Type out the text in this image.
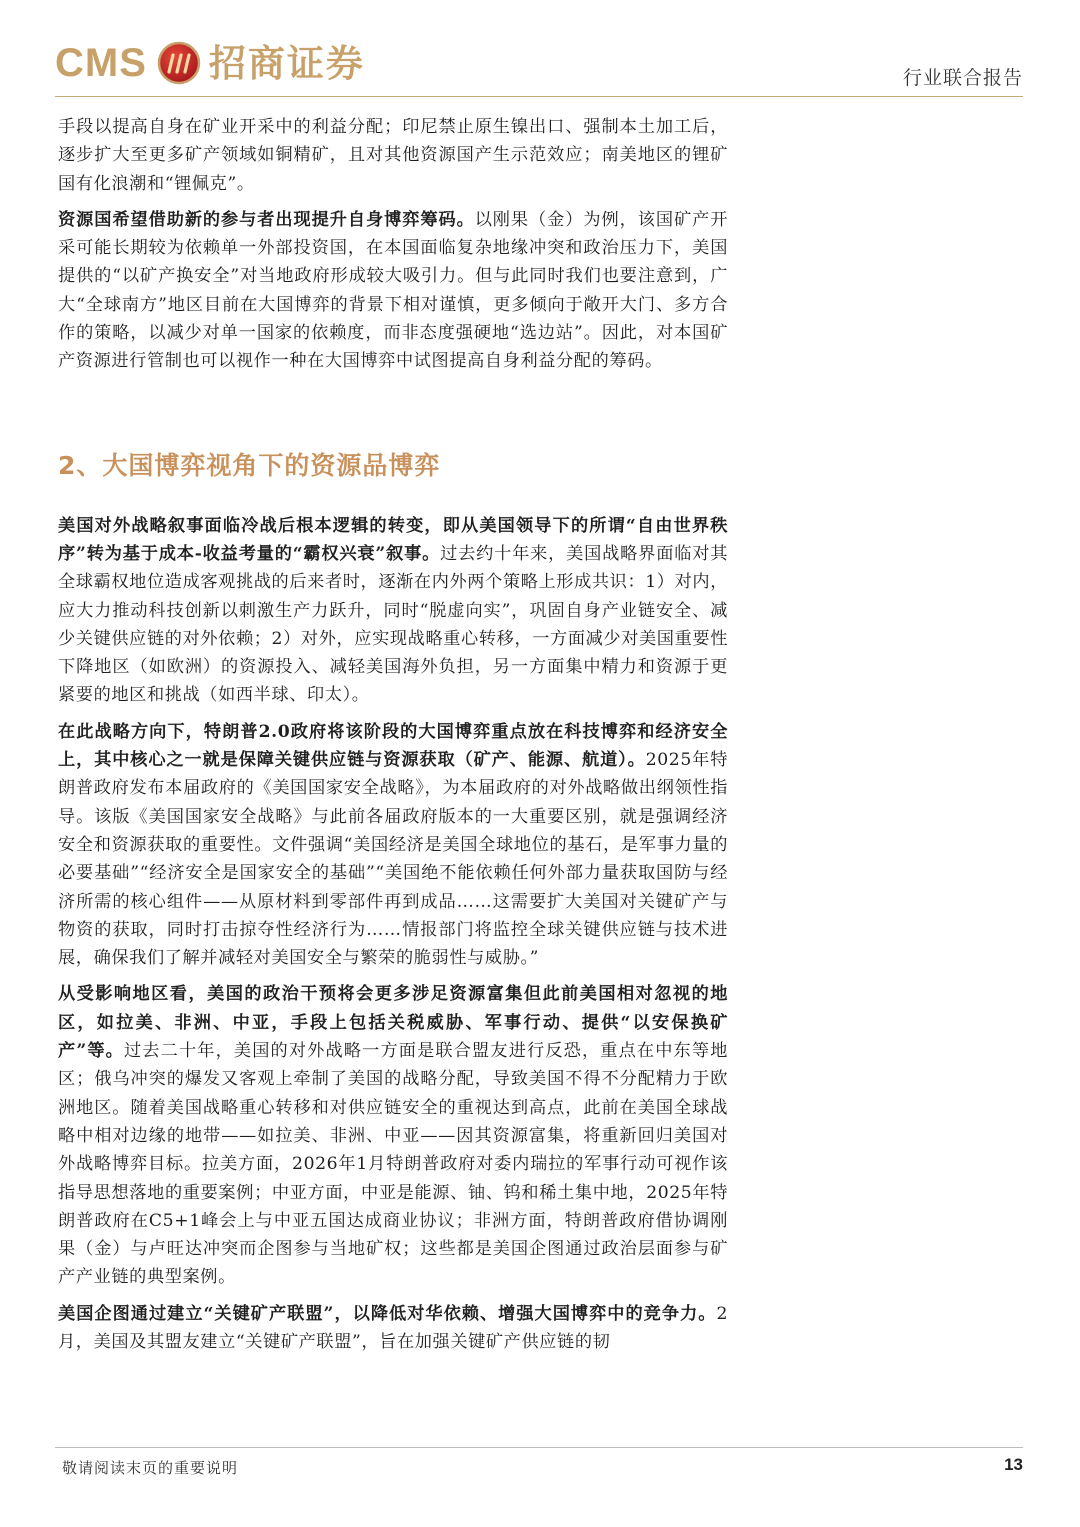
CMS 招商证券	行业联合报告

手段以提高自身在矿业开采中的利益分配；印尼禁止原生镍出口、强制本土加工后，逐步扩大至更多矿产领域如铜精矿，且对其他资源国产生示范效应；南美地区的锂矿国有化浪潮和“锂佩克”。

资源国希望借助新的参与者出现提升自身博弈筹码。以刚果（金）为例，该国矿产开采可能长期较为依赖单一外部投资国，在本国面临复杂地缘冲突和政治压力下，美国提供的“以矿产换安全”对当地政府形成较大吸引力。但与此同时我们也要注意到，广大“全球南方”地区目前在大国博弈的背景下相对谨慎，更多倾向于敞开大门、多方合作的策略，以减少对单一国家的依赖度，而非态度强硬地“选边站”。因此，对本国矿产资源进行管制也可以视作一种在大国博弈中试图提高自身利益分配的筹码。

2、大国博弈视角下的资源品博弈

美国对外战略叙事面临冷战后根本逻辑的转变，即从美国领导下的所谓“自由世界秩序”转为基于成本-收益考量的“霸权兴衰”叙事。过去约十年来，美国战略界面临对其全球霸权地位造成客观挑战的后来者时，逐渐在内外两个策略上形成共识：1）对内，应大力推动科技创新以刺激生产力跃升，同时“脱虚向实”，巩固自身产业链安全、减少关键供应链的对外依赖；2）对外，应实现战略重心转移，一方面减少对美国重要性下降地区（如欧洲）的资源投入、减轻美国海外负担，另一方面集中精力和资源于更紧要的地区和挑战（如西半球、印太）。

在此战略方向下，特朗普2.0政府将该阶段的大国博弈重点放在科技博弈和经济安全上，其中核心之一就是保障关键供应链与资源获取（矿产、能源、航道）。2025年特朗普政府发布本届政府的《美国国家安全战略》，为本届政府的对外战略做出纲领性指导。该版《美国国家安全战略》与此前各届政府版本的一大重要区别，就是强调经济安全和资源获取的重要性。文件强调“美国经济是美国全球地位的基石，是军事力量的必要基础”“经济安全是国家安全的基础”“美国绝不能依赖任何外部力量获取国防与经济所需的核心组件——从原材料到零部件再到成品……这需要扩大美国对关键矿产与物资的获取，同时打击掠夺性经济行为……情报部门将监控全球关键供应链与技术进展，确保我们了解并减轻对美国安全与繁荣的脆弱性与威胁。”

从受影响地区看，美国的政治干预将会更多涉足资源富集但此前美国相对忽视的地区，如拉美、非洲、中亚，手段上包括关税威胁、军事行动、提供“以安保换矿产”等。过去二十年，美国的对外战略一方面是联合盟友进行反恐，重点在中东等地区；俄乌冲突的爆发又客观上牵制了美国的战略分配，导致美国不得不分配精力于欧洲地区。随着美国战略重心转移和对供应链安全的重视达到高点，此前在美国全球战略中相对边缘的地带——如拉美、非洲、中亚——因其资源富集，将重新回归美国对外战略博弈目标。拉美方面，2026年1月特朗普政府对委内瑞拉的军事行动可视作该指导思想落地的重要案例；中亚方面，中亚是能源、铀、钨和稀土集中地，2025年特朗普政府在C5+1峰会上与中亚五国达成商业协议；非洲方面，特朗普政府借协调刚果（金）与卢旺达冲突而企图参与当地矿权；这些都是美国企图通过政治层面参与矿产产业链的典型案例。

美国企图通过建立“关键矿产联盟”，以降低对华依赖、增强大国博弈中的竞争力。2月，美国及其盟友建立“关键矿产联盟”，旨在加强关键矿产供应链的韧

敬请阅读末页的重要说明	13
